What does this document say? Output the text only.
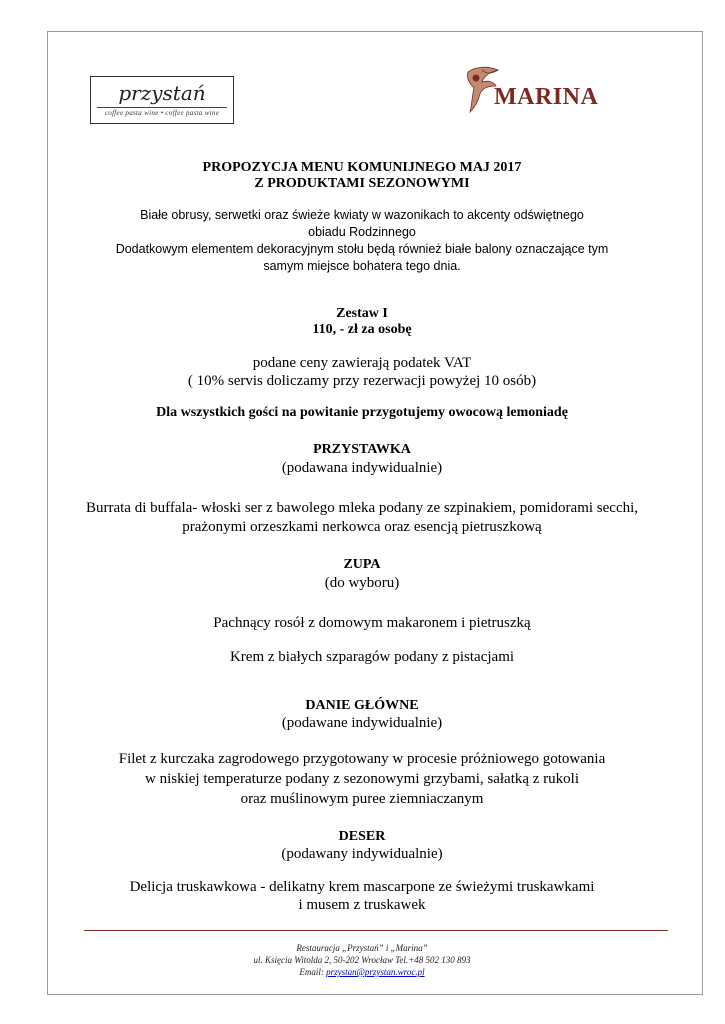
przystań
coffee pasta wine • coffee pasta wine
MARINA
PROPOZYCJA MENU KOMUNIJNEGO MAJ 2017
Z PRODUKTAMI SEZONOWYMI
Białe obrusy, serwetki oraz świeże kwiaty w wazonikach to akcenty odświętnego
obiadu Rodzinnego
Dodatkowym elementem dekoracyjnym stołu będą również białe balony oznaczające tym
samym miejsce bohatera tego dnia.
Zestaw I
110, - zł za osobę
podane ceny zawierają podatek VAT
( 10% servis doliczamy przy rezerwacji powyżej 10 osób)
Dla wszystkich gości na powitanie przygotujemy owocową lemoniadę
PRZYSTAWKA
(podawana indywidualnie)
Burrata di buffala- włoski ser z bawolego mleka podany ze szpinakiem, pomidorami secchi,
prażonymi orzeszkami nerkowca oraz esencją pietruszkową
ZUPA
(do wyboru)
Pachnący rosół z domowym makaronem i pietruszką
Krem z białych szparagów podany z pistacjami
DANIE GŁÓWNE
(podawane indywidualnie)
Filet z kurczaka zagrodowego przygotowany w procesie próżniowego gotowania
w niskiej temperaturze podany z sezonowymi grzybami, sałatką z rukoli
oraz muślinowym puree ziemniaczanym
DESER
(podawany indywidualnie)
Delicja truskawkowa - delikatny krem mascarpone ze świeżymi truskawkami
i musem z truskawek
Restauracja „Przystań” i „Marina”
ul. Księcia Witolda 2, 50-202 Wrocław Tel.+48 502 130 893
Email: przystan@przystan.wroc.pl
